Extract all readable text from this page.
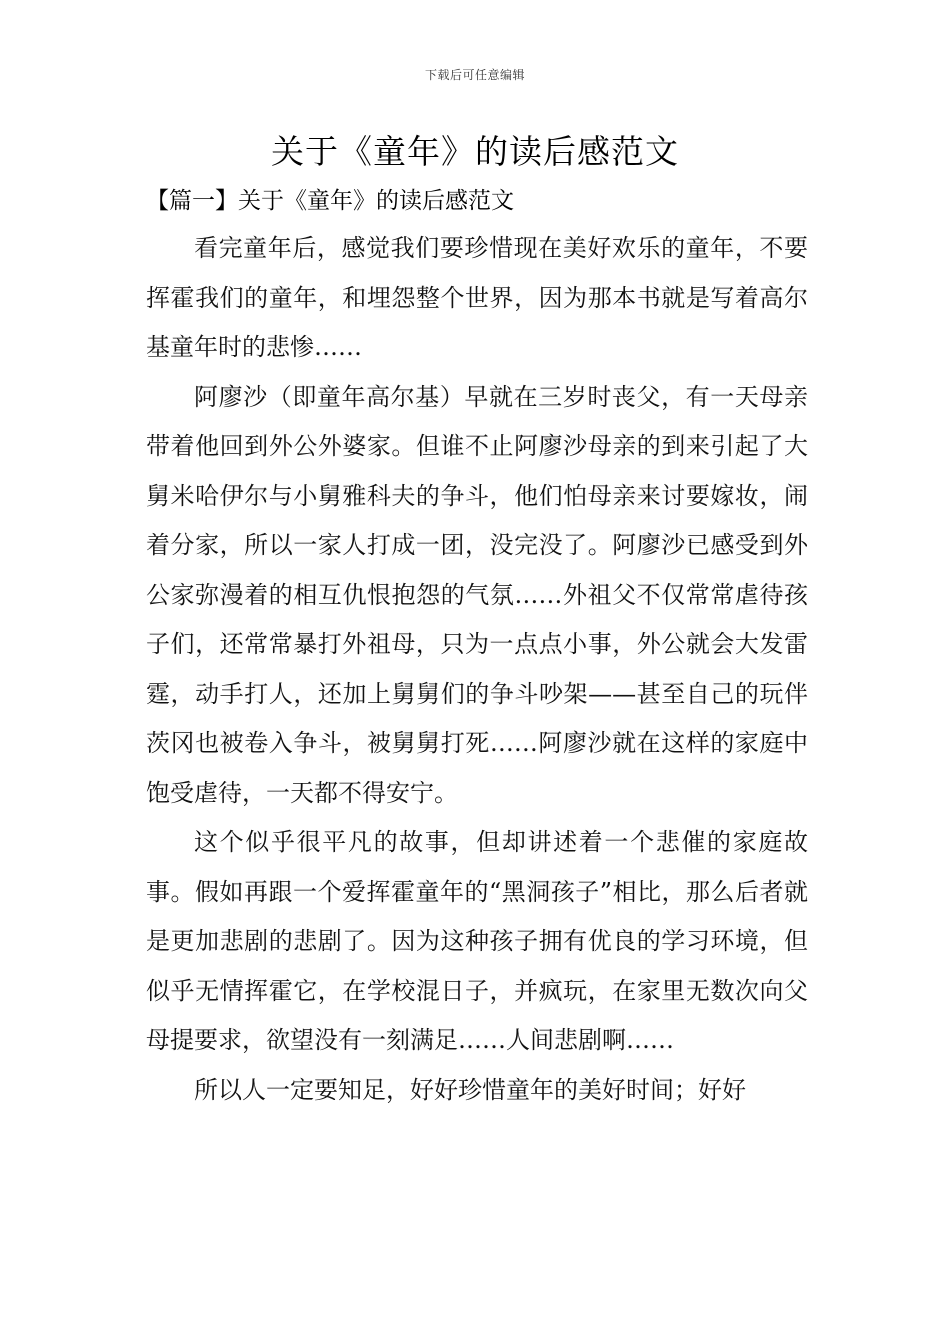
下载后可任意编辑
关于《童年》的读后感范文
【篇一】关于《童年》的读后感范文

看完童年后，感觉我们要珍惜现在美好欢乐的童年，不要挥霍我们的童年，和埋怨整个世界，因为那本书就是写着高尔基童年时的悲惨……

阿廖沙（即童年高尔基）早就在三岁时丧父，有一天母亲带着他回到外公外婆家。但谁不止阿廖沙母亲的到来引起了大舅米哈伊尔与小舅雅科夫的争斗，他们怕母亲来讨要嫁妆，闹着分家，所以一家人打成一团，没完没了。阿廖沙已感受到外公家弥漫着的相互仇恨抱怨的气氛……外祖父不仅常常虐待孩子们，还常常暴打外祖母，只为一点点小事，外公就会大发雷霆，动手打人，还加上舅舅们的争斗吵架——甚至自己的玩伴茨冈也被卷入争斗，被舅舅打死……阿廖沙就在这样的家庭中饱受虐待，一天都不得安宁。

这个似乎很平凡的故事，但却讲述着一个悲催的家庭故事。假如再跟一个爱挥霍童年的“黑洞孩子”相比，那么后者就是更加悲剧的悲剧了。因为这种孩子拥有优良的学习环境，但似乎无情挥霍它，在学校混日子，并疯玩，在家里无数次向父母提要求，欲望没有一刻满足……人间悲剧啊……

所以人一定要知足，好好珍惜童年的美好时间；好好
